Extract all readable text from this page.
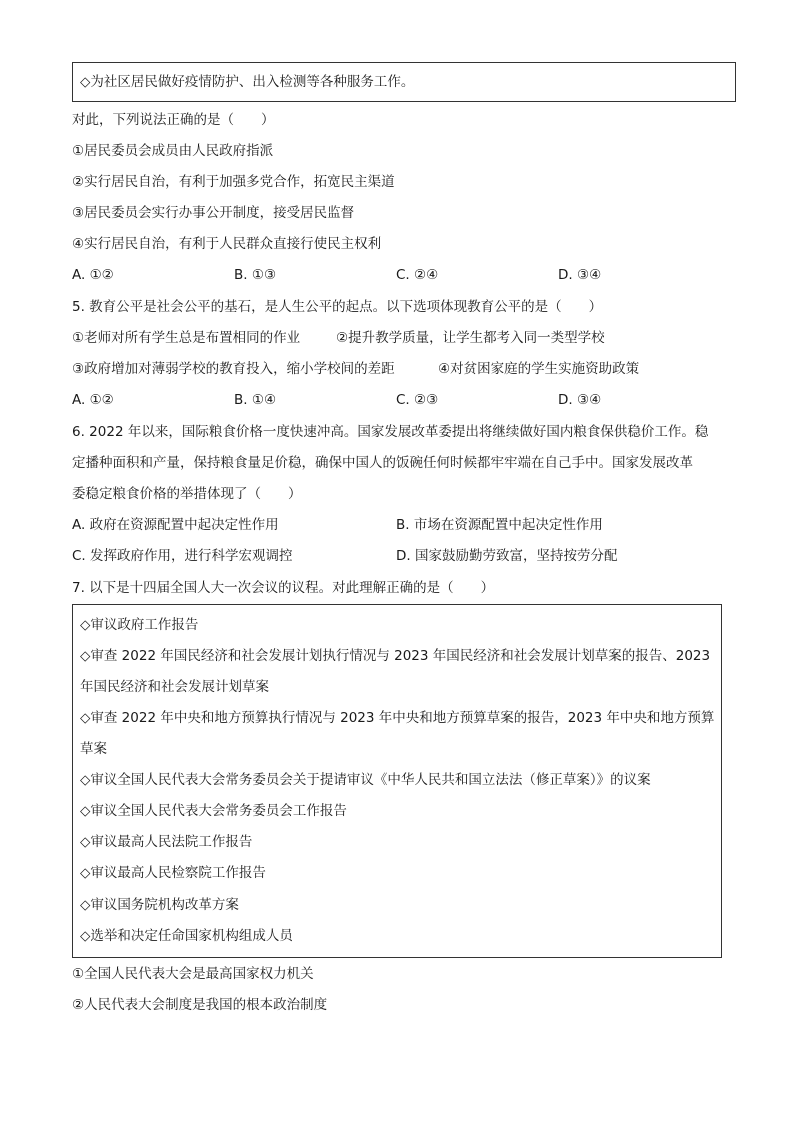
◇为社区居民做好疫情防护、出入检测等各种服务工作。
对此，下列说法正确的是（　　）
①居民委员会成员由人民政府指派
②实行居民自治，有利于加强多党合作，拓宽民主渠道
③居民委员会实行办事公开制度，接受居民监督
④实行居民自治，有利于人民群众直接行使民主权利
A. ①②	B. ①③	C. ②④	D. ③④
5. 教育公平是社会公平的基石，是人生公平的起点。以下选项体现教育公平的是（　　）
①老师对所有学生总是布置相同的作业	②提升教学质量，让学生都考入同一类型学校
③政府增加对薄弱学校的教育投入，缩小学校间的差距	④对贫困家庭的学生实施资助政策
A. ①②	B. ①④	C. ②③	D. ③④
6. 2022 年以来，国际粮食价格一度快速冲高。国家发展改革委提出将继续做好国内粮食保供稳价工作。稳
定播种面积和产量，保持粮食量足价稳，确保中国人的饭碗任何时候都牢牢端在自己手中。国家发展改革
委稳定粮食价格的举措体现了（　　）
A. 政府在资源配置中起决定性作用	B. 市场在资源配置中起决定性作用
C. 发挥政府作用，进行科学宏观调控	D. 国家鼓励勤劳致富，坚持按劳分配
7. 以下是十四届全国人大一次会议的议程。对此理解正确的是（　　）
◇审议政府工作报告
◇审查 2022 年国民经济和社会发展计划执行情况与 2023 年国民经济和社会发展计划草案的报告、2023
年国民经济和社会发展计划草案
◇审查 2022 年中央和地方预算执行情况与 2023 年中央和地方预算草案的报告，2023 年中央和地方预算
草案
◇审议全国人民代表大会常务委员会关于提请审议《中华人民共和国立法法（修正草案）》的议案
◇审议全国人民代表大会常务委员会工作报告
◇审议最高人民法院工作报告
◇审议最高人民检察院工作报告
◇审议国务院机构改革方案
◇选举和决定任命国家机构组成人员
①全国人民代表大会是最高国家权力机关
②人民代表大会制度是我国的根本政治制度
